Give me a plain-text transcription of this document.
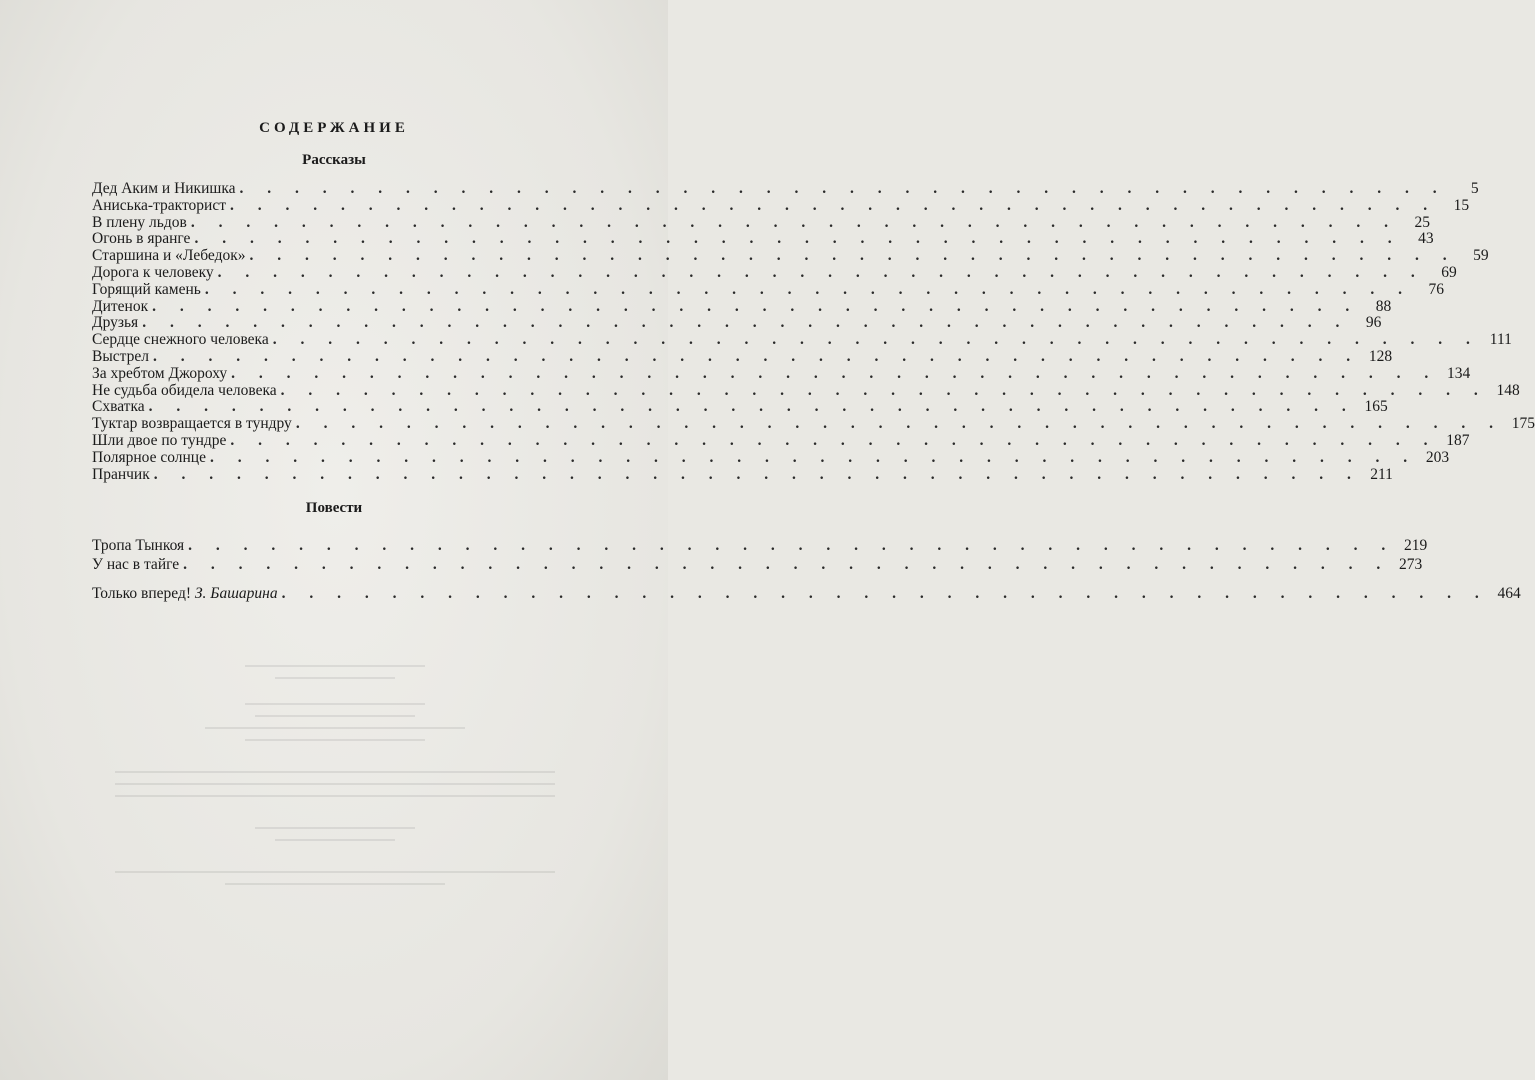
СОДЕРЖАНИЕ
Рассказы
Дед Аким и Никишка . . . . . . . . . . . . . . . . . . . . . . . . . . . . . . . . . . . . . . . . . . . .	5
Аниська-тракторист . . . . . . . . . . . . . . . . . . . . . . . . . . . . . . . . . . . . . . . . . . . .	15
В плену льдов . . . . . . . . . . . . . . . . . . . . . . . . . . . . . . . . . . . . . . . . . . . .	25
Огонь в яранге . . . . . . . . . . . . . . . . . . . . . . . . . . . . . . . . . . . . . . . . . . . .	43
Старшина и «Лебедок» . . . . . . . . . . . . . . . . . . . . . . . . . . . . . . . . . . . . . . . . . . . .	59
Дорога к человеку . . . . . . . . . . . . . . . . . . . . . . . . . . . . . . . . . . . . . . . . . . . .	69
Горящий камень . . . . . . . . . . . . . . . . . . . . . . . . . . . . . . . . . . . . . . . . . . . .	76
Дитенок . . . . . . . . . . . . . . . . . . . . . . . . . . . . . . . . . . . . . . . . . . . .	88
Друзья . . . . . . . . . . . . . . . . . . . . . . . . . . . . . . . . . . . . . . . . . . . .	96
Сердце снежного человека . . . . . . . . . . . . . . . . . . . . . . . . . . . . . . . . . . . . . . . . . . . . 111
Выстрел . . . . . . . . . . . . . . . . . . . . . . . . . . . . . . . . . . . . . . . . . . . . 128
За хребтом Джороху . . . . . . . . . . . . . . . . . . . . . . . . . . . . . . . . . . . . . . . . . . . . 134
Не судьба обидела человека . . . . . . . . . . . . . . . . . . . . . . . . . . . . . . . . . . . . . . . . . . . . 148
Схватка . . . . . . . . . . . . . . . . . . . . . . . . . . . . . . . . . . . . . . . . . . . . 165
Туктар возвращается в тундру . . . . . . . . . . . . . . . . . . . . . . . . . . . . . . . . . . . . . . . . . . . . 175
Шли двое по тундре . . . . . . . . . . . . . . . . . . . . . . . . . . . . . . . . . . . . . . . . . . . . 187
Полярное солнце . . . . . . . . . . . . . . . . . . . . . . . . . . . . . . . . . . . . . . . . . . . . 203
Пранчик . . . . . . . . . . . . . . . . . . . . . . . . . . . . . . . . . . . . . . . . . . . . 211
Повести
Тропа Тынкоя . . . . . . . . . . . . . . . . . . . . . . . . . . . . . . . . . . . . . . . . . . . . 219
У нас в тайге . . . . . . . . . . . . . . . . . . . . . . . . . . . . . . . . . . . . . . . . . . . . 273
Только вперед! З. Башарина . . . . . . . . . . . . . . . . . . . . . . . . . . . . . . . . . . . . . . . . . . . . 464
